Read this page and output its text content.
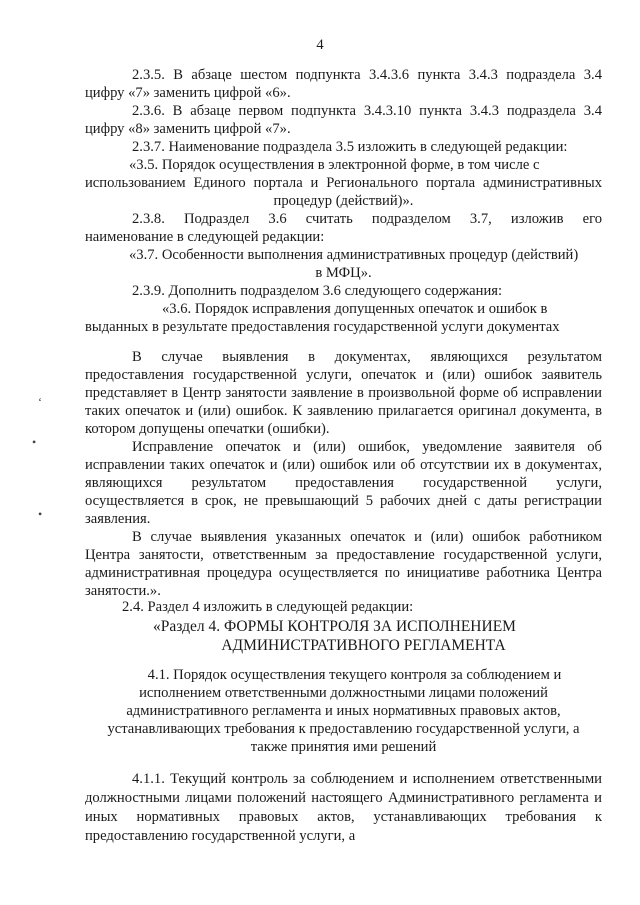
4
2.3.5. В абзаце шестом подпункта 3.4.3.6 пункта 3.4.3 подраздела 3.4
цифру «7» заменить цифрой «6».
2.3.6. В абзаце первом подпункта 3.4.3.10 пункта 3.4.3 подраздела 3.4
цифру «8» заменить цифрой «7».
2.3.7. Наименование подраздела 3.5 изложить в следующей редакции:
«3.5. Порядок осуществления в электронной форме, в том числе с
использованием Единого портала и Регионального портала административных
процедур (действий)».
2.3.8. Подраздел 3.6 считать подразделом 3.7, изложив его
наименование в следующей редакции:
«3.7. Особенности выполнения административных процедур (действий)
в МФЦ».
2.3.9. Дополнить подразделом 3.6 следующего содержания:
«3.6. Порядок исправления допущенных опечаток и ошибок в
выданных в результате предоставления государственной услуги документах
В случае выявления в документах, являющихся результатом предоставления государственной услуги, опечаток и (или) ошибок заявитель представляет в Центр занятости заявление в произвольной форме об исправлении таких опечаток и (или) ошибок. К заявлению прилагается оригинал документа, в котором допущены опечатки (ошибки).
Исправление опечаток и (или) ошибок, уведомление заявителя об исправлении таких опечаток и (или) ошибок или об отсутствии их в документах, являющихся результатом предоставления государственной услуги, осуществляется в срок, не превышающий 5 рабочих дней с даты регистрации заявления.
В случае выявления указанных опечаток и (или) ошибок работником Центра занятости, ответственным за предоставление государственной услуги, административная процедура осуществляется по инициативе работника Центра занятости.».
2.4. Раздел 4 изложить в следующей редакции:
«Раздел 4. ФОРМЫ КОНТРОЛЯ ЗА ИСПОЛНЕНИЕМ
АДМИНИСТРАТИВНОГО РЕГЛАМЕНТА
4.1. Порядок осуществления текущего контроля за соблюдением и
исполнением ответственными должностными лицами положений
административного регламента и иных нормативных правовых актов,
устанавливающих требования к предоставлению государственной услуги, а
также принятия ими решений
4.1.1. Текущий контроль за соблюдением и исполнением ответственными должностными лицами положений настоящего Административного регламента и иных нормативных правовых актов, устанавливающих требования к предоставлению государственной услуги, а
‘
•
•
